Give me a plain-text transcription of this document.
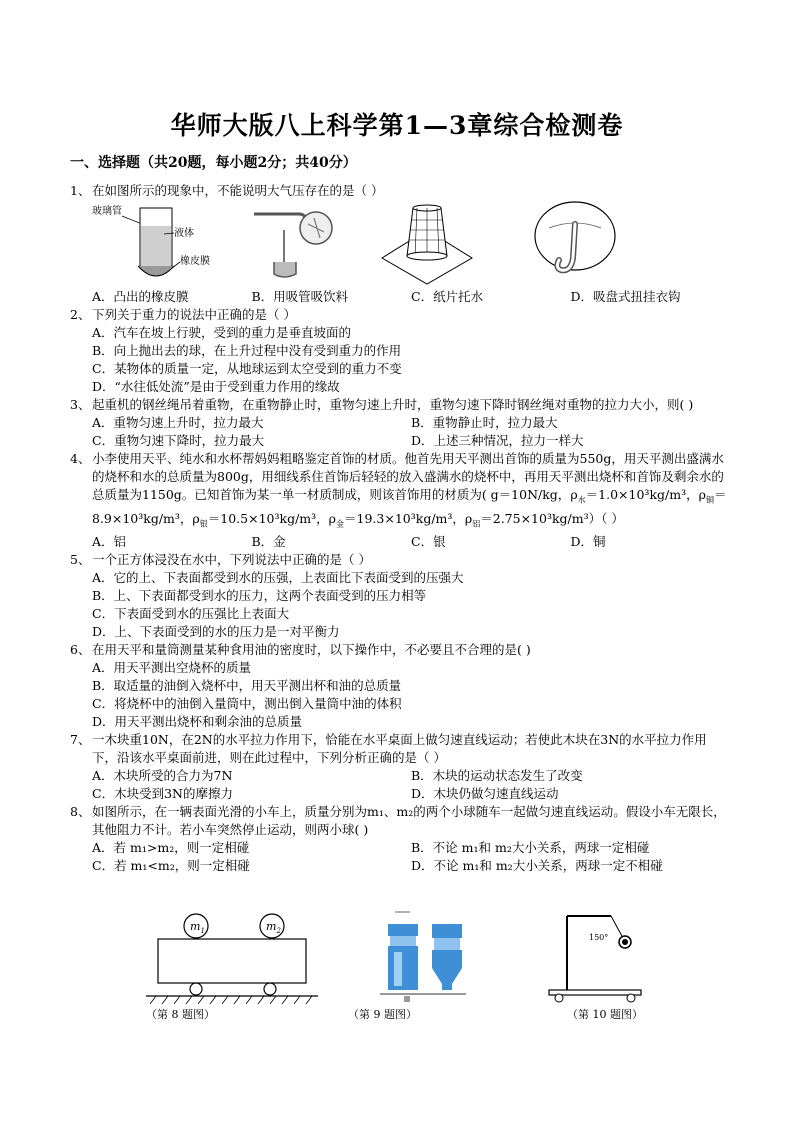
华师大版八上科学第1—3章综合检测卷
一、选择题（共20题，每小题2分；共40分）
1、 在如图所示的现象中，不能说明大气压存在的是（ ）
玻璃管
液体
橡皮膜
A．凸出的橡皮膜	B．用吸管吸饮料	C．纸片托水	D．吸盘式扭挂衣钩
2、 下列关于重力的说法中正确的是（ ）
A．汽车在坡上行驶，受到的重力是垂直坡面的
B．向上抛出去的球，在上升过程中没有受到重力的作用
C．某物体的质量一定，从地球运到太空受到的重力不变
D．“水往低处流”是由于受到重力作用的缘故
3、 起重机的钢丝绳吊着重物，在重物静止时，重物匀速上升时，重物匀速下降时钢丝绳对重物的拉力大小，则( )
A．重物匀速上升时，拉力最大	B．重物静止时，拉力最大
C．重物匀速下降时，拉力最大	D．上述三种情况，拉力一样大
4、 小李使用天平、纯水和水杯帮妈妈粗略鉴定首饰的材质。他首先用天平测出首饰的质量为550g，用天平测出盛满水的烧杯和水的总质量为800g，用细线系住首饰后轻轻的放入盛满水的烧杯中，再用天平测出烧杯和首饰及剩余水的总质量为1150g。已知首饰为某一单一材质制成，则该首饰用的材质为( g＝10N/kg，$\rho_水=1.0\times 10^3kg/m^3$，$\rho_铜=8.9\times 10^3kg/m^3$，$\rho_银=10.5\times 10^3kg/m^3$，$\rho_金=19.3\times 10^3kg/m^3$，$\rho_铝=2.75\times 10^3kg/m^3$）（ ）
A．铝	B．金	C．银	D．铜
5、 一个正方体浸没在水中，下列说法中正确的是（ ）
A．它的上、下表面都受到水的压强，上表面比下表面受到的压强大
B．上、下表面都受到水的压力，这两个表面受到的压力相等
C．下表面受到水的压强比上表面大
D．上、下表面受到的水的压力是一对平衡力
6、 在用天平和量筒测量某种食用油的密度时，以下操作中，不必要且不合理的是( )
A．用天平测出空烧杯的质量
B．取适量的油倒入烧杯中，用天平测出杯和油的总质量
C．将烧杯中的油倒入量筒中，测出倒入量筒中油的体积
D．用天平测出烧杯和剩余油的总质量
7、 一木块重10N，在2N的水平拉力作用下，恰能在水平桌面上做匀速直线运动；若使此木块在3N的水平拉力作用下，沿该水平桌面前进，则在此过程中，下列分析正确的是（ ）
A．木块所受的合力为7N	B．木块的运动状态发生了改变
C．木块受到3N的摩擦力	D．木块仍做匀速直线运动
8、 如图所示，在一辆表面光滑的小车上，质量分别为m₁、m₂的两个小球随车一起做匀速直线运动。假设小车无限长，其他阻力不计。若小车突然停止运动，则两小球( )
A．若 m₁>m₂，则一定相碰	B．不论 m₁和 m₂大小关系，两球一定相碰
C．若 m₁<m₂，则一定相碰	D．不论 m₁和 m₂大小关系，两球一定不相碰
$m_1$	$m_2$
（第 8 题图）	（第 9 题图）
150°
（第 10 题图）
